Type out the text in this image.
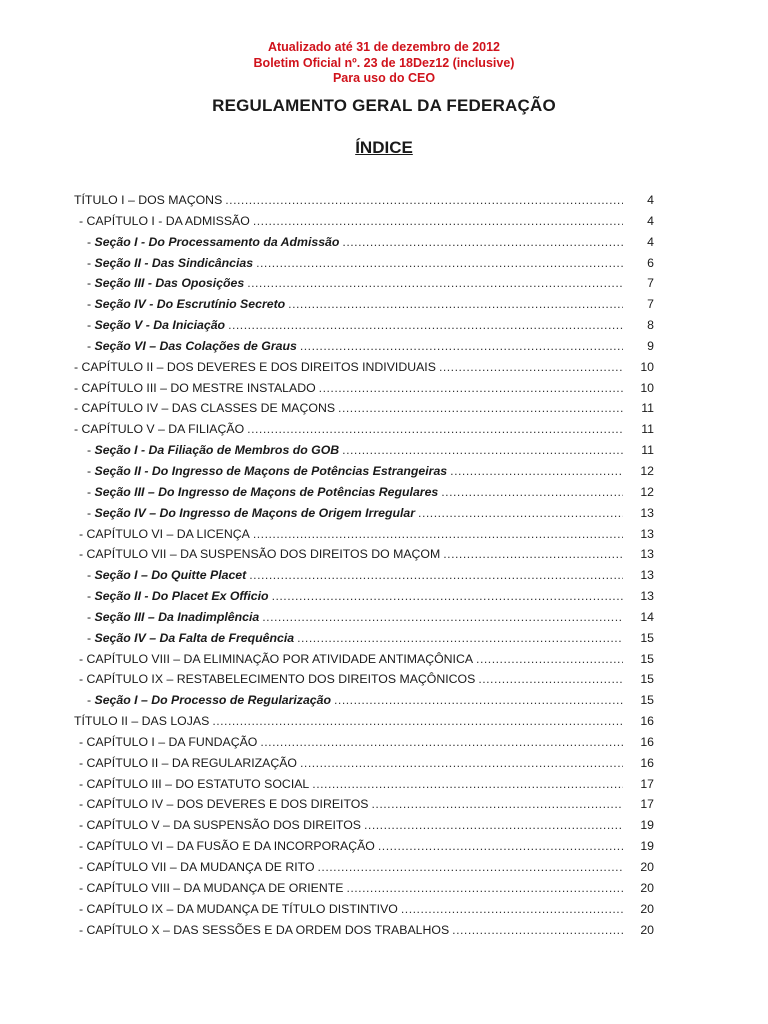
Atualizado até 31 de dezembro de 2012
Boletim Oficial nº. 23 de 18Dez12 (inclusive)
Para uso do CEO
REGULAMENTO GERAL DA FEDERAÇÃO
ÍNDICE
TÍTULO I – DOS MAÇONS .....	4
- CAPÍTULO I - DA ADMISSÃO .....	4
- Seção I - Do Processamento da Admissão .....	4
- Seção II - Das Sindicâncias .....	6
- Seção III - Das Oposições .....	7
- Seção IV - Do Escrutínio Secreto .....	7
- Seção V - Da Iniciação .....	8
- Seção VI – Das Colações de Graus .....	9
- CAPÍTULO II – DOS DEVERES E DOS DIREITOS INDIVIDUAIS .....	10
- CAPÍTULO III – DO MESTRE INSTALADO .....	10
- CAPÍTULO IV – DAS CLASSES DE MAÇONS .....	11
- CAPÍTULO V – DA FILIAÇÃO .....	11
- Seção I - Da Filiação de Membros do GOB .....	11
- Seção II - Do Ingresso de Maçons de Potências Estrangeiras .....	12
- Seção III – Do Ingresso de Maçons de Potências Regulares .....	12
- Seção IV – Do Ingresso de Maçons de Origem Irregular .....	13
- CAPÍTULO VI – DA LICENÇA .....	13
- CAPÍTULO VII – DA SUSPENSÃO DOS DIREITOS DO MAÇOM .....	13
- Seção I – Do Quitte Placet .....	13
- Seção II - Do Placet Ex Officio .....	13
- Seção III – Da Inadimplência .....	14
- Seção IV – Da Falta de Frequência .....	15
- CAPÍTULO VIII – DA ELIMINAÇÃO POR ATIVIDADE ANTIMAÇÔNICA .....	15
- CAPÍTULO IX – RESTABELECIMENTO DOS DIREITOS MAÇÔNICOS .....	15
- Seção I – Do Processo de Regularização .....	15
TÍTULO II – DAS LOJAS .....	16
- CAPÍTULO I – DA FUNDAÇÃO .....	16
- CAPÍTULO II – DA REGULARIZAÇÃO .....	16
- CAPÍTULO III – DO ESTATUTO SOCIAL .....	17
- CAPÍTULO IV – DOS DEVERES E DOS DIREITOS .....	17
- CAPÍTULO V – DA SUSPENSÃO DOS DIREITOS .....	19
- CAPÍTULO VI – DA FUSÃO E DA INCORPORAÇÃO .....	19
- CAPÍTULO VII – DA MUDANÇA DE RITO .....	20
- CAPÍTULO VIII – DA MUDANÇA DE ORIENTE .....	20
- CAPÍTULO IX – DA MUDANÇA DE TÍTULO DISTINTIVO .....	20
- CAPÍTULO X – DAS SESSÕES E DA ORDEM DOS TRABALHOS .....	20
